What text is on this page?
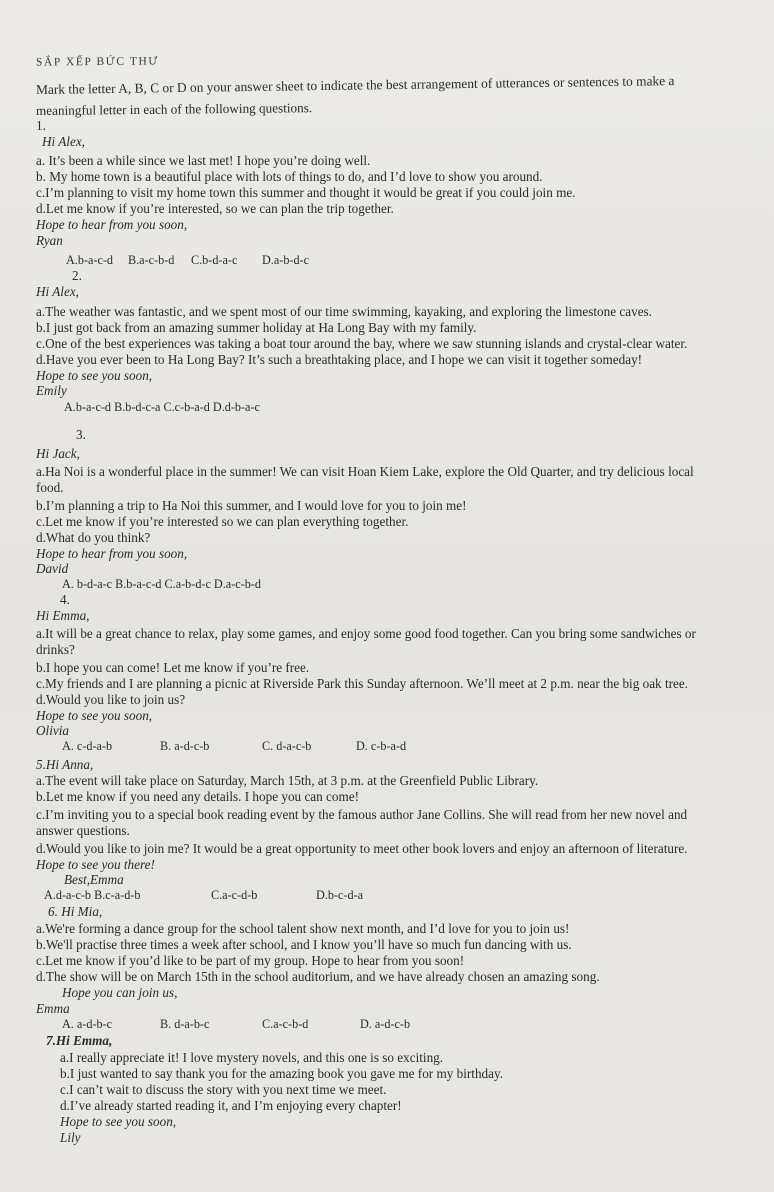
SẮP XẾP BỨC THƯ
Mark the letter A, B, C or D on your answer sheet to indicate the best arrangement of utterances or sentences to make a
meaningful letter in each of the following questions.
1.
Hi Alex,
a. It’s been a while since we last met! I hope you’re doing well.
b. My home town is a beautiful place with lots of things to do, and I’d love to show you around.
c.I’m planning to visit my home town this summer and thought it would be great if you could join me.
d.Let me know if you’re interested, so we can plan the trip together.
Hope to hear from you soon,
Ryan
A.b-a-c-d B.a-c-b-d C.b-d-a-c D.a-b-d-c
2.
Hi Alex,
a.The weather was fantastic, and we spent most of our time swimming, kayaking, and exploring the limestone caves.
b.I just got back from an amazing summer holiday at Ha Long Bay with my family.
c.One of the best experiences was taking a boat tour around the bay, where we saw stunning islands and crystal-clear water.
d.Have you ever been to Ha Long Bay? It’s such a breathtaking place, and I hope we can visit it together someday!
Hope to see you soon,
Emily
A.b-a-c-d B.b-d-c-a C.c-b-a-d D.d-b-a-c
3.
Hi Jack,
a.Ha Noi is a wonderful place in the summer! We can visit Hoan Kiem Lake, explore the Old Quarter, and try delicious local
food.
b.I’m planning a trip to Ha Noi this summer, and I would love for you to join me!
c.Let me know if you’re interested so we can plan everything together.
d.What do you think?
Hope to hear from you soon,
David
A. b-d-a-c B.b-a-c-d C.a-b-d-c D.a-c-b-d
4.
Hi Emma,
a.It will be a great chance to relax, play some games, and enjoy some good food together. Can you bring some sandwiches or
drinks?
b.I hope you can come! Let me know if you’re free.
c.My friends and I are planning a picnic at Riverside Park this Sunday afternoon. We’ll meet at 2 p.m. near the big oak tree.
d.Would you like to join us?
Hope to see you soon,
Olivia
A. c-d-a-b	B. a-d-c-b	C. d-a-c-b	D. c-b-a-d
5.Hi Anna,
a.The event will take place on Saturday, March 15th, at 3 p.m. at the Greenfield Public Library.
b.Let me know if you need any details. I hope you can come!
c.I’m inviting you to a special book reading event by the famous author Jane Collins. She will read from her new novel and
answer questions.
d.Would you like to join me? It would be a great opportunity to meet other book lovers and enjoy an afternoon of literature.
Hope to see you there!
Best,Emma
A.d-a-c-b B.c-a-d-b	C.a-c-d-b	D.b-c-d-a
6. Hi Mia,
a.We're forming a dance group for the school talent show next month, and I’d love for you to join us!
b.We'll practise three times a week after school, and I know you’ll have so much fun dancing with us.
c.Let me know if you’d like to be part of my group. Hope to hear from you soon!
d.The show will be on March 15th in the school auditorium, and we have already chosen an amazing song.
Hope you can join us,
Emma
A. a-d-b-c	B. d-a-b-c	C.a-c-b-d	D. a-d-c-b
7.Hi Emma,
a.I really appreciate it! I love mystery novels, and this one is so exciting.
b.I just wanted to say thank you for the amazing book you gave me for my birthday.
c.I can’t wait to discuss the story with you next time we meet.
d.I’ve already started reading it, and I’m enjoying every chapter!
Hope to see you soon,
Lily
